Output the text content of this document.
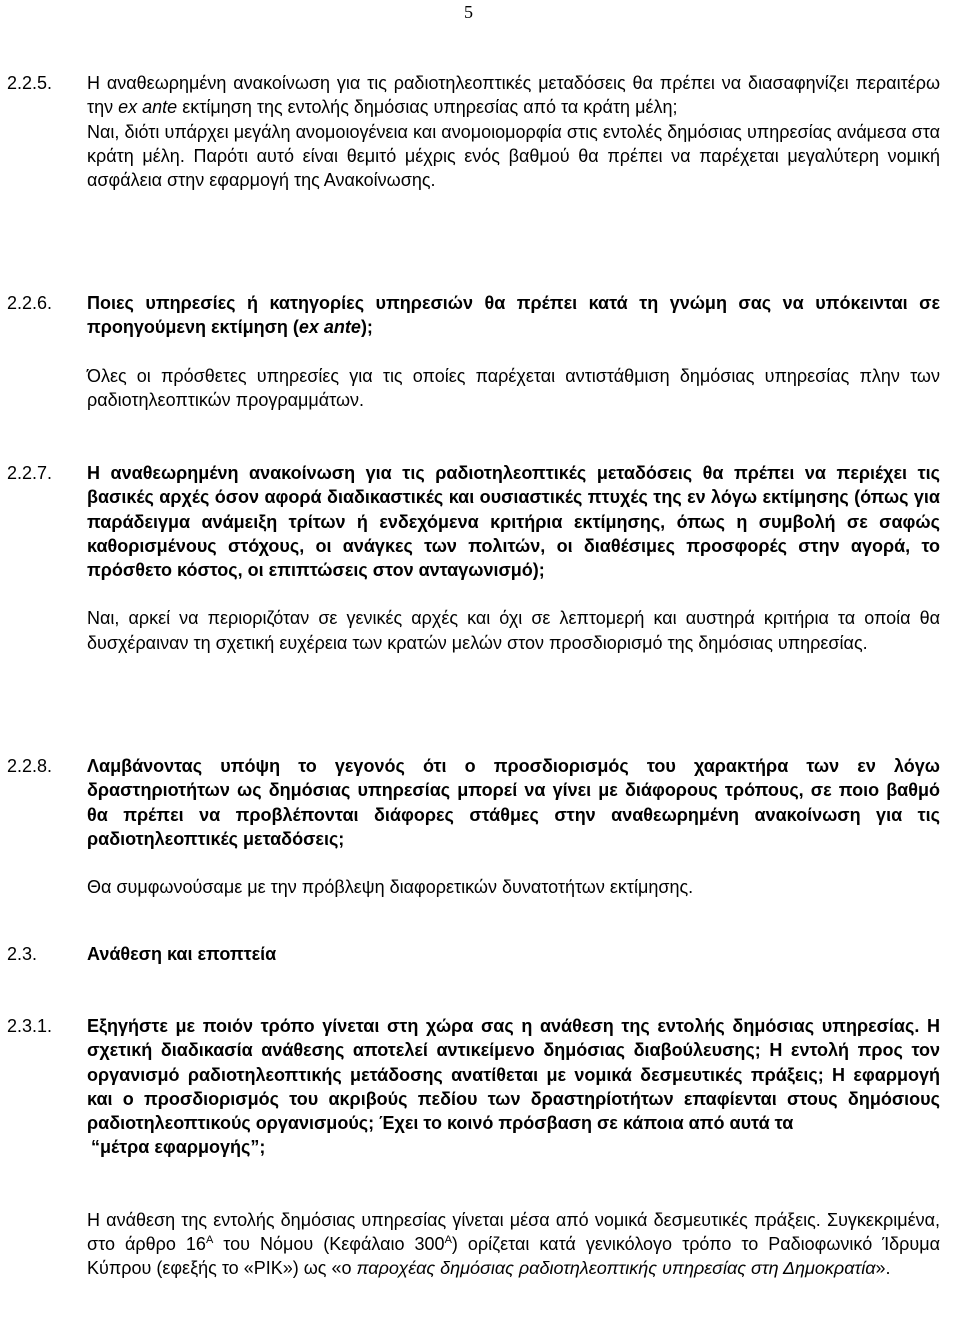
5
2.2.5. Η αναθεωρημένη ανακοίνωση για τις ραδιοτηλεοπτικές μεταδόσεις θα πρέπει να διασαφηνίζει περαιτέρω την ex ante εκτίμηση της εντολής δημόσιας υπηρεσίας από τα κράτη μέλη;

Ναι, διότι υπάρχει μεγάλη ανομοιογένεια και ανομοιομορφία στις εντολές δημόσιας υπηρεσίας ανάμεσα στα κράτη μέλη. Παρότι αυτό είναι θεμιτό μέχρις ενός βαθμού θα πρέπει να παρέχεται μεγαλύτερη νομική ασφάλεια στην εφαρμογή της Ανακοίνωσης.

2.2.6. Ποιες υπηρεσίες ή κατηγορίες υπηρεσιών θα πρέπει κατά τη γνώμη σας να υπόκεινται σε προηγούμενη εκτίμηση (ex ante);

Όλες οι πρόσθετες υπηρεσίες για τις οποίες παρέχεται αντιστάθμιση δημόσιας υπηρεσίας πλην των ραδιοτηλεοπτικών προγραμμάτων.

2.2.7. Η αναθεωρημένη ανακοίνωση για τις ραδιοτηλεοπτικές μεταδόσεις θα πρέπει να περιέχει τις βασικές αρχές όσον αφορά διαδικαστικές και ουσιαστικές πτυχές της εν λόγω εκτίμησης (όπως για παράδειγμα ανάμειξη τρίτων ή ενδεχόμενα κριτήρια εκτίμησης, όπως η συμβολή σε σαφώς καθορισμένους στόχους, οι ανάγκες των πολιτών, οι διαθέσιμες προσφορές στην αγορά, το πρόσθετο κόστος, οι επιπτώσεις στον ανταγωνισμό);

Ναι, αρκεί να περιοριζόταν σε γενικές αρχές και όχι σε λεπτομερή και αυστηρά κριτήρια τα οποία θα δυσχέραιναν τη σχετική ευχέρεια των κρατών μελών στον προσδιορισμό της δημόσιας υπηρεσίας.

2.2.8. Λαμβάνοντας υπόψη το γεγονός ότι ο προσδιορισμός του χαρακτήρα των εν λόγω δραστηριοτήτων ως δημόσιας υπηρεσίας μπορεί να γίνει με διάφορους τρόπους, σε ποιο βαθμό θα πρέπει να προβλέπονται διάφορες στάθμες στην αναθεωρημένη ανακοίνωση για τις ραδιοτηλεοπτικές μεταδόσεις;

Θα συμφωνούσαμε με την πρόβλεψη διαφορετικών δυνατοτήτων εκτίμησης.

2.3.	Ανάθεση και εποπτεία

2.3.1. Εξηγήστε με ποιόν τρόπο γίνεται στη χώρα σας η ανάθεση της εντολής δημόσιας υπηρεσίας. Η σχετική διαδικασία ανάθεσης αποτελεί αντικείμενο δημόσιας διαβούλευσης; Η εντολή προς τον οργανισμό ραδιοτηλεοπτικής μετάδοσης ανατίθεται με νομικά δεσμευτικές πράξεις; Η εφαρμογή και ο προσδιορισμός του ακριβούς πεδίου των δραστηρίοτήτων επαφίενται στους δημόσιους ραδιοτηλεοπτικούς οργανισμούς; Έχει το κοινό πρόσβαση σε κάποια από αυτά τα

“μέτρα εφαρμογής”;

Η ανάθεση της εντολής δημόσιας υπηρεσίας γίνεται μέσα από νομικά δεσμευτικές πράξεις. Συγκεκριμένα, στο άρθρο $16^A$ του Νόμου (Κεφάλαιο $300^A$) ορίζεται κατά γενικόλογο τρόπο το Ραδιοφωνικό Ίδρυμα Κύπρου (εφεξής το «ΡΙΚ») ως «ο παροχέας δημόσιας ραδιοτηλεοπτικής υπηρεσίας στη Δημοκρατία».
